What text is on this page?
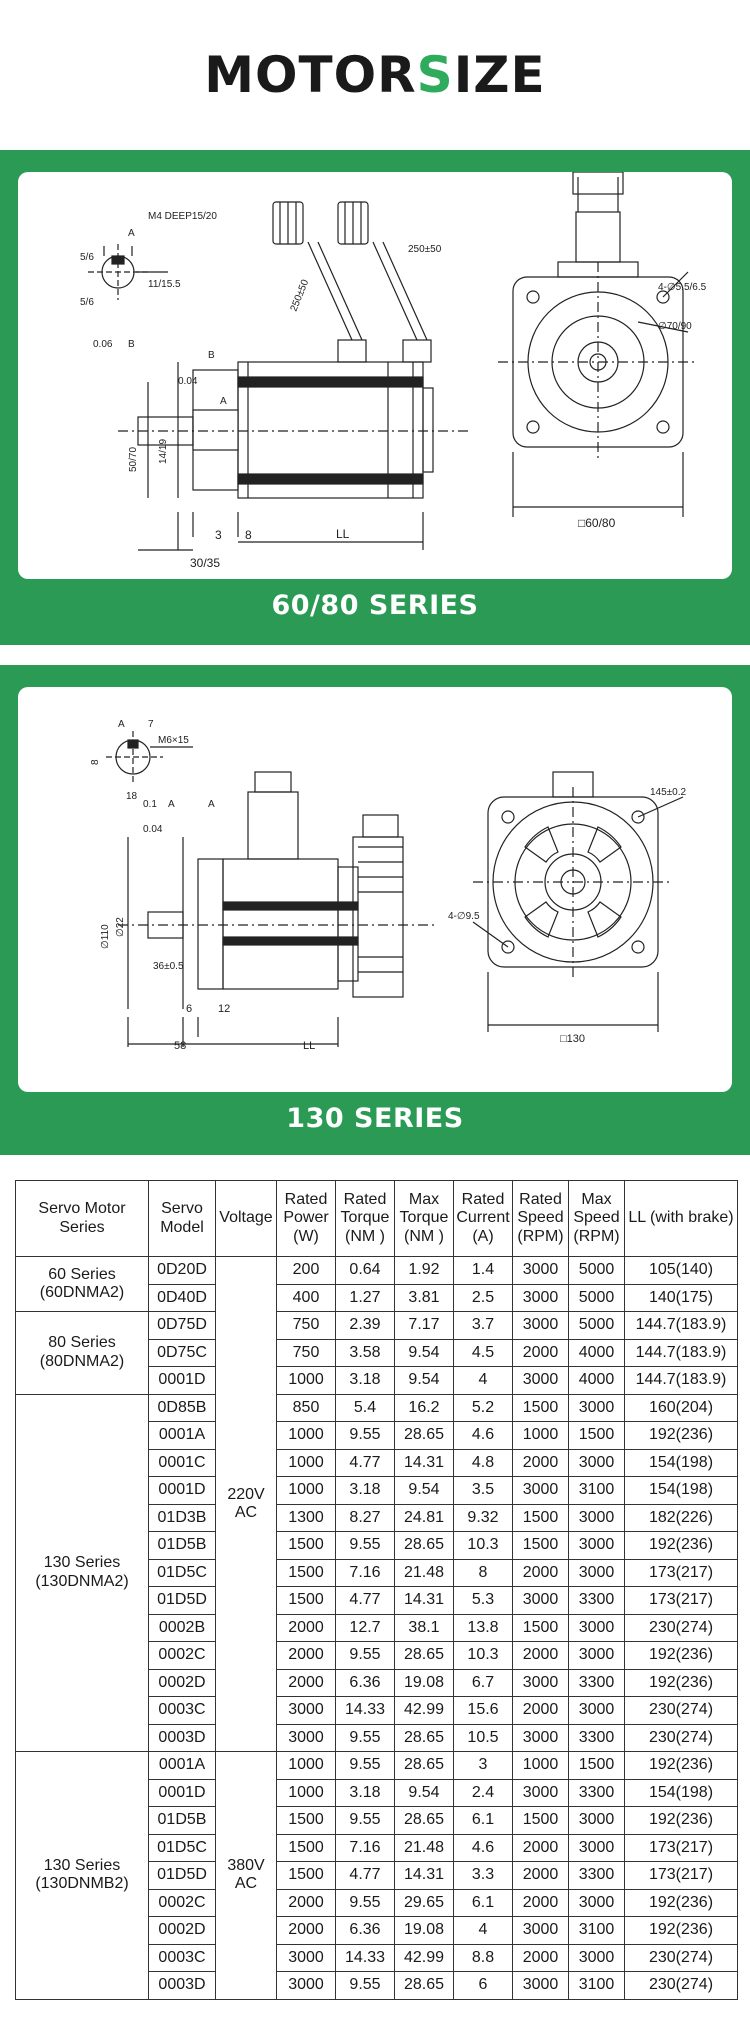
MOTOR S IZE
M4 DEEP15/20
5/6
5/6
11/15.5	250±50
250±50
0.06 B
0.04
50/70 14/19
3 8
30/35
LL
4-∅5.5/6.5
∅70/90
□60/80
A
A
B
60/80 SERIES
A 7
8
M6×15
18
0.1 A
0.04
∅110 ∅22
36±0.5
6 12
58	LL
145±0.2
4-∅9.5
□130
A
130 SERIES
Servo Motor Series	Servo Model	Voltage	Rated Power (W)	Rated Torque (NM )	Max Torque (NM )	Rated Current (A)	Rated Speed (RPM)	Max Speed (RPM)	LL (with brake)
60 Series (60DNMA2)	0D20D	220V AC	200	0.64	1.92	1.4	3000	5000	105(140)
	0D40D		400	1.27	3.81	2.5	3000	5000	140(175)
80 Series (80DNMA2)	0D75D		750	2.39	7.17	3.7	3000	5000	144.7(183.9)
	0D75C		750	3.58	9.54	4.5	2000	4000	144.7(183.9)
	0001D		1000	3.18	9.54	4	3000	4000	144.7(183.9)
130 Series (130DNMA2)	0D85B		850	5.4	16.2	5.2	1500	3000	160(204)
	0001A		1000	9.55	28.65	4.6	1000	1500	192(236)
	0001C		1000	4.77	14.31	4.8	2000	3000	154(198)
	0001D		1000	3.18	9.54	3.5	3000	3100	154(198)
	01D3B		1300	8.27	24.81	9.32	1500	3000	182(226)
	01D5B		1500	9.55	28.65	10.3	1500	3000	192(236)
	01D5C		1500	7.16	21.48	8	2000	3000	173(217)
	01D5D		1500	4.77	14.31	5.3	3000	3300	173(217)
	0002B		2000	12.7	38.1	13.8	1500	3000	230(274)
	0002C		2000	9.55	28.65	10.3	2000	3000	192(236)
	0002D		2000	6.36	19.08	6.7	3000	3300	192(236)
	0003C		3000	14.33	42.99	15.6	2000	3000	230(274)
	0003D		3000	9.55	28.65	10.5	3000	3300	230(274)
130 Series (130DNMB2)	0001A	380V AC	1000	9.55	28.65	3	1000	1500	192(236)
	0001D		1000	3.18	9.54	2.4	3000	3300	154(198)
	01D5B		1500	9.55	28.65	6.1	1500	3000	192(236)
	01D5C		1500	7.16	21.48	4.6	2000	3000	173(217)
	01D5D		1500	4.77	14.31	3.3	2000	3300	173(217)
	0002C		2000	9.55	29.65	6.1	2000	3000	192(236)
	0002D		2000	6.36	19.08	4	3000	3100	192(236)
	0003C		3000	14.33	42.99	8.8	2000	3000	230(274)
	0003D		3000	9.55	28.65	6	3000	3100	230(274)
